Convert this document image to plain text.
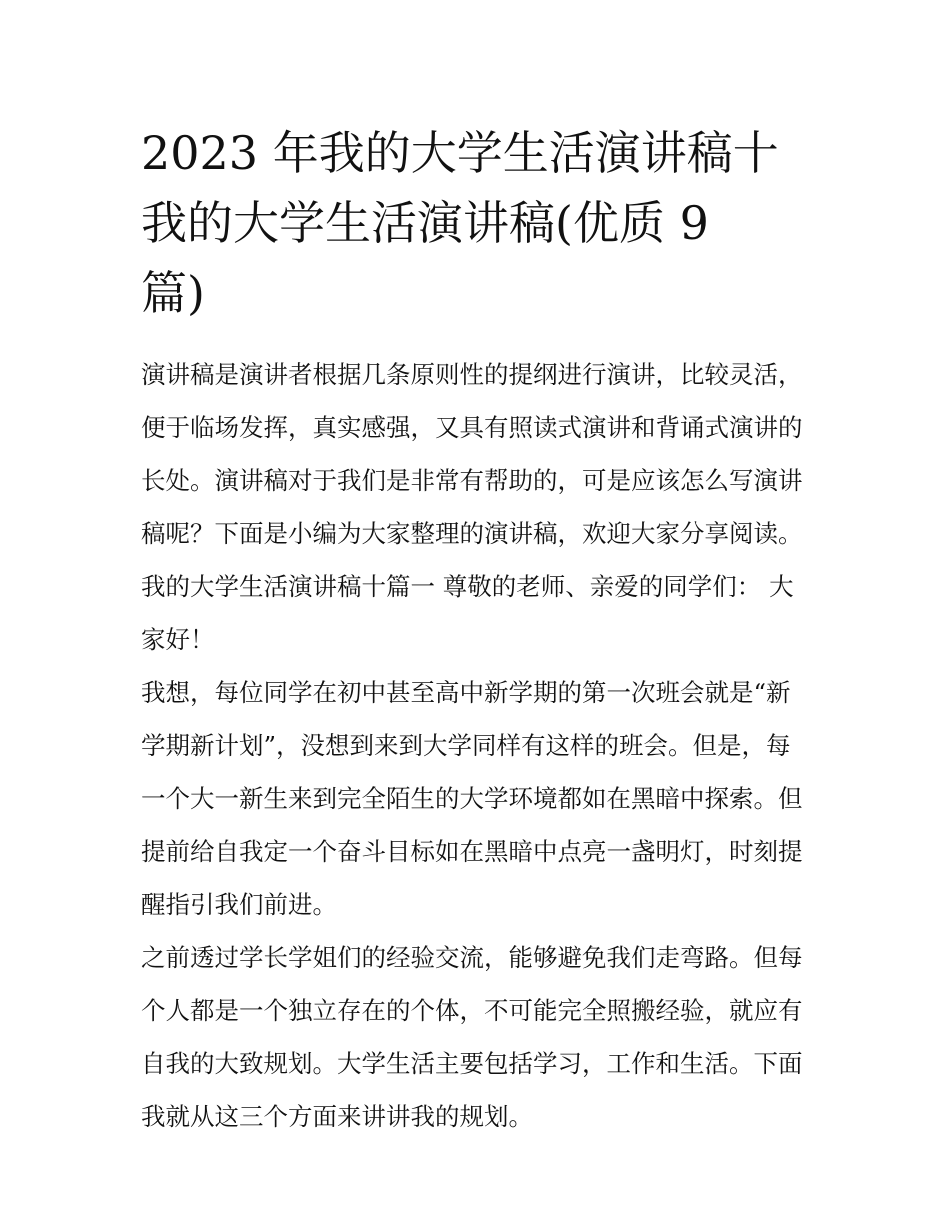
2023 年我的大学生活演讲稿十
我的大学生活演讲稿(优质 9
篇)

演讲稿是演讲者根据几条原则性的提纲进行演讲，比较灵活，
便于临场发挥，真实感强，又具有照读式演讲和背诵式演讲的
长处。演讲稿对于我们是非常有帮助的，可是应该怎么写演讲
稿呢？下面是小编为大家整理的演讲稿，欢迎大家分享阅读。

我的大学生活演讲稿十篇一 尊敬的老师、亲爱的同学们： 大
家好！

我想，每位同学在初中甚至高中新学期的第一次班会就是“新
学期新计划”，没想到来到大学同样有这样的班会。但是，每
一个大一新生来到完全陌生的大学环境都如在黑暗中探索。但
提前给自我定一个奋斗目标如在黑暗中点亮一盏明灯，时刻提
醒指引我们前进。

之前透过学长学姐们的经验交流，能够避免我们走弯路。但每
个人都是一个独立存在的个体，不可能完全照搬经验，就应有
自我的大致规划。大学生活主要包括学习，工作和生活。下面
我就从这三个方面来讲讲我的规划。
